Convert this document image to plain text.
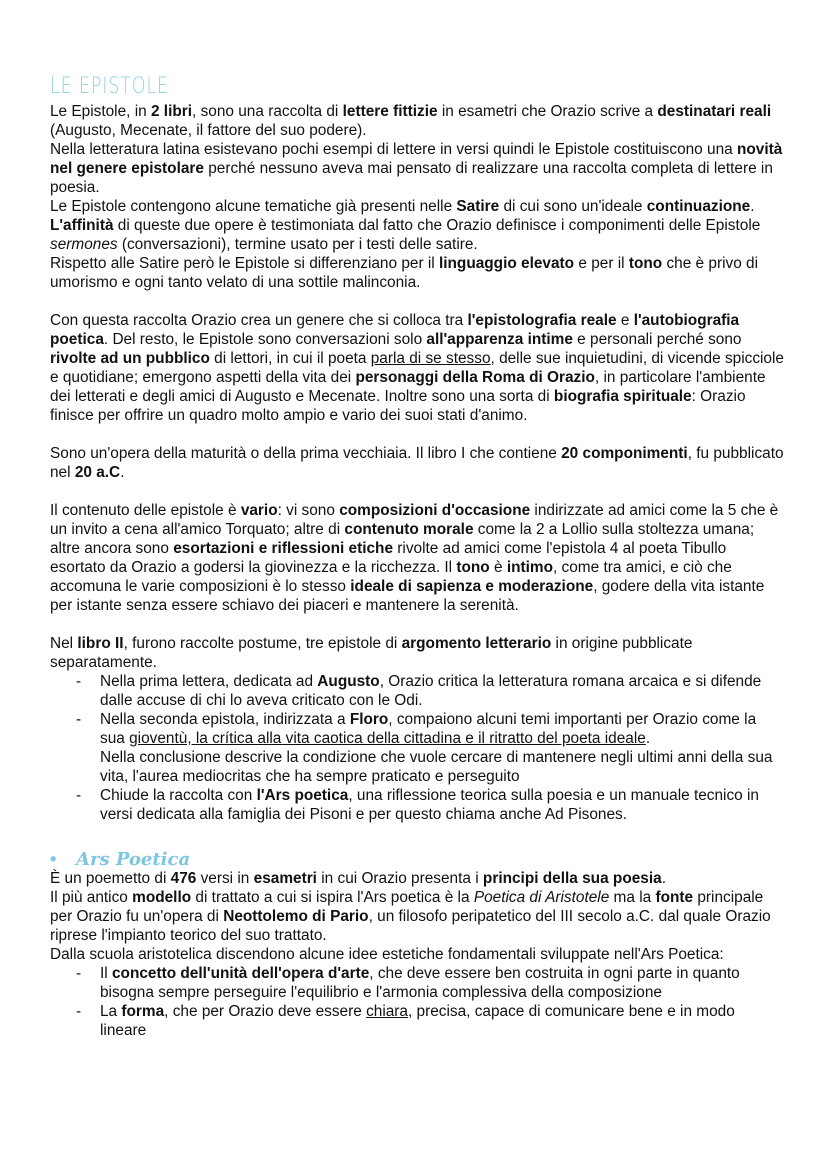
LE EPISTOLE

Le Epistole, in 2 libri, sono una raccolta di lettere fittizie in esametri che Orazio scrive a destinatari reali (Augusto, Mecenate, il fattore del suo podere).

Nella letteratura latina esistevano pochi esempi di lettere in versi quindi le Epistole costituiscono una novità nel genere epistolare perché nessuno aveva mai pensato di realizzare una raccolta completa di lettere in poesia.

Le Epistole contengono alcune tematiche già presenti nelle Satire di cui sono un'ideale continuazione. L'affinità di queste due opere è testimoniata dal fatto che Orazio definisce i componimenti delle Epistole sermones (conversazioni), termine usato per i testi delle satire.

Rispetto alle Satire però le Epistole si differenziano per il linguaggio elevato e per il tono che è privo di umorismo e ogni tanto velato di una sottile malinconia.

Con questa raccolta Orazio crea un genere che si colloca tra l'epistolografia reale e l'autobiografia poetica. Del resto, le Epistole sono conversazioni solo all'apparenza intime e personali perché sono rivolte ad un pubblico di lettori, in cui il poeta parla di se stesso, delle sue inquietudini, di vicende spicciole e quotidiane; emergono aspetti della vita dei personaggi della Roma di Orazio, in particolare l'ambiente dei letterati e degli amici di Augusto e Mecenate. Inoltre sono una sorta di biografia spirituale: Orazio finisce per offrire un quadro molto ampio e vario dei suoi stati d'animo.

Sono un'opera della maturità o della prima vecchiaia. Il libro I che contiene 20 componimenti, fu pubblicato nel 20 a.C.

Il contenuto delle epistole è vario: vi sono composizioni d'occasione indirizzate ad amici come la 5 che è un invito a cena all'amico Torquato; altre di contenuto morale come la 2 a Lollio sulla stoltezza umana; altre ancora sono esortazioni e riflessioni etiche rivolte ad amici come l'epistola 4 al poeta Tibullo esortato da Orazio a godersi la giovinezza e la ricchezza. Il tono è intimo, come tra amici, e ciò che accomuna le varie composizioni è lo stesso ideale di sapienza e moderazione, godere della vita istante per istante senza essere schiavo dei piaceri e mantenere la serenità.

Nel libro II, furono raccolte postume, tre epistole di argomento letterario in origine pubblicate separatamente.

- Nella prima lettera, dedicata ad Augusto, Orazio critica la letteratura romana arcaica e si difende dalle accuse di chi lo aveva criticato con le Odi.
- Nella seconda epistola, indirizzata a Floro, compaiono alcuni temi importanti per Orazio come la sua gioventù, la crítica alla vita caotica della cittadina e il ritratto del poeta ideale.
Nella conclusione descrive la condizione che vuole cercare di mantenere negli ultimi anni della sua vita, l'aurea mediocritas che ha sempre praticato e perseguito
- Chiude la raccolta con l'Ars poetica, una riflessione teorica sulla poesia e un manuale tecnico in versi dedicata alla famiglia dei Pisoni e per questo chiama anche Ad Pisones.
• Ars Poetica

È un poemetto di 476 versi in esametri in cui Orazio presenta i principi della sua poesia.

Il più antico modello di trattato a cui si ispira l'Ars poetica è la Poetica di Aristotele ma la fonte principale per Orazio fu un'opera di Neottolemo di Pario, un filosofo peripatetico del III secolo a.C. dal quale Orazio riprese l'impianto teorico del suo trattato.

Dalla scuola aristotelica discendono alcune idee estetiche fondamentali sviluppate nell'Ars Poetica:

- Il concetto dell'unità dell'opera d'arte, che deve essere ben costruita in ogni parte in quanto bisogna sempre perseguire l'equilibrio e l'armonia complessiva della composizione
- La forma, che per Orazio deve essere chiara, precisa, capace di comunicare bene e in modo lineare
